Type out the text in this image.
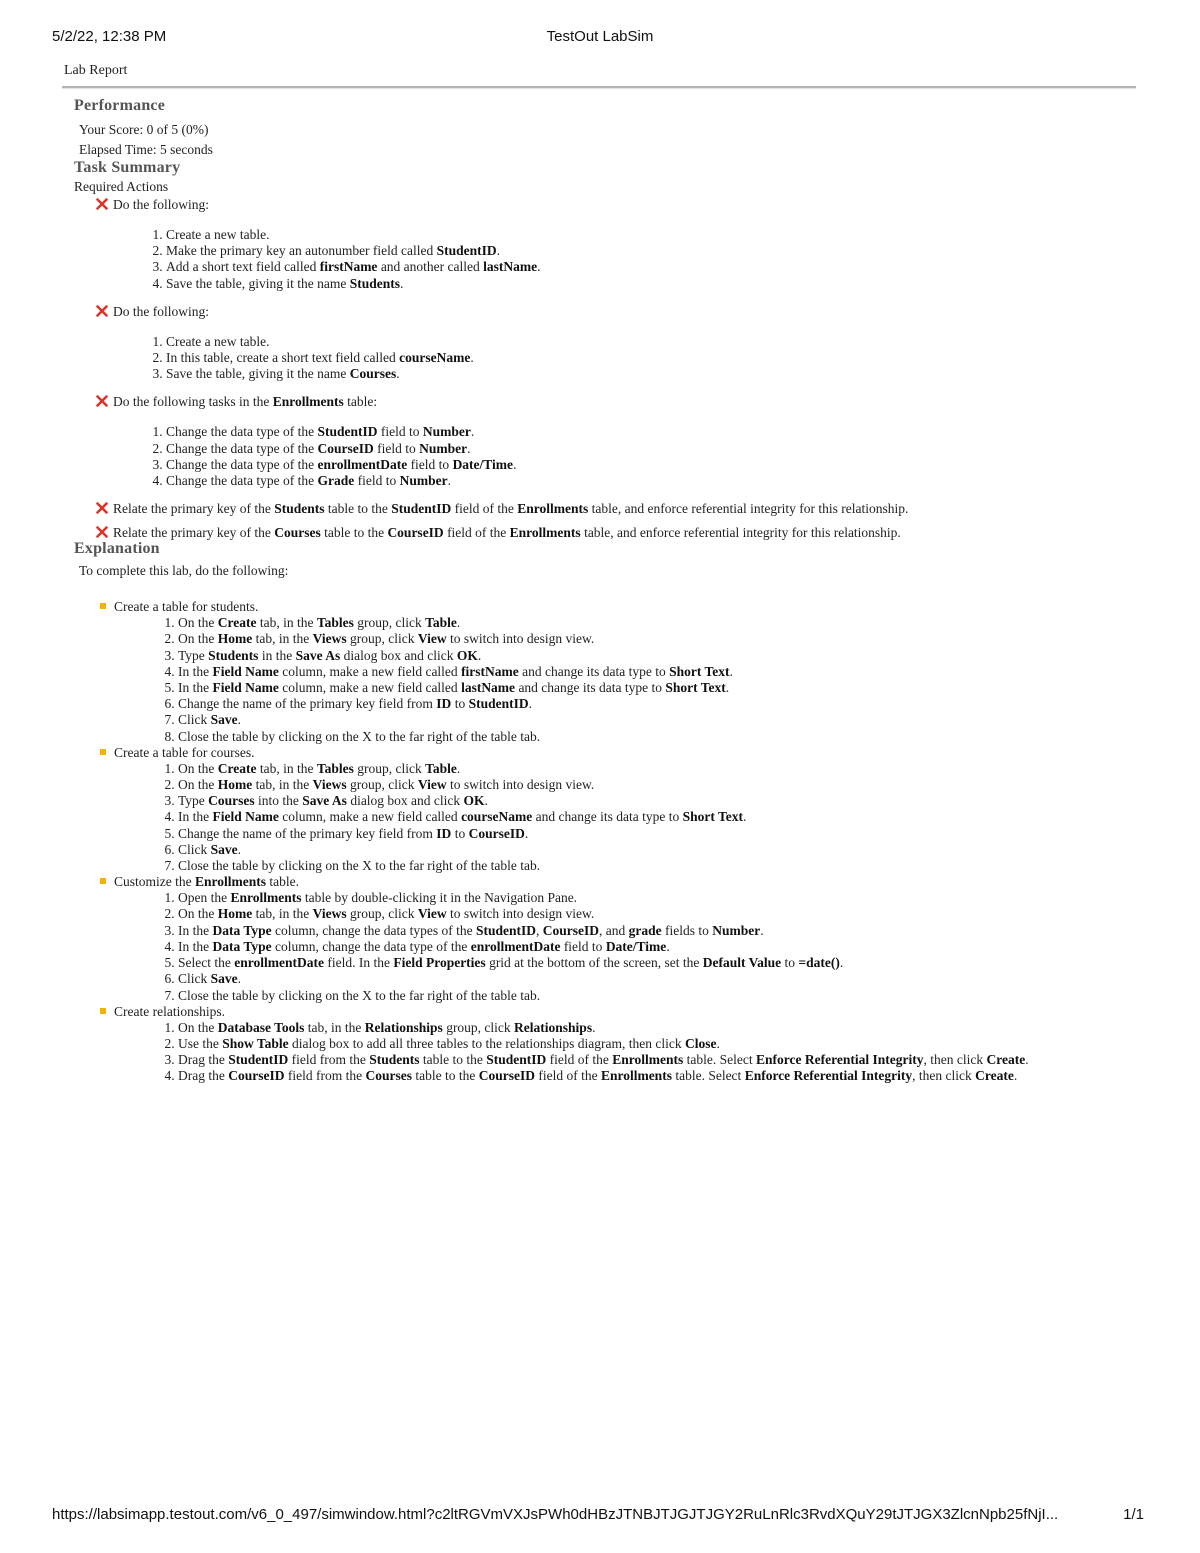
5/2/22, 12:38 PM	TestOut LabSim
Lab Report
Performance
Your Score: 0 of 5 (0%)
Elapsed Time: 5 seconds
Task Summary
Required Actions
Do the following:
1. Create a new table.
2. Make the primary key an autonumber field called StudentID.
3. Add a short text field called firstName and another called lastName.
4. Save the table, giving it the name Students.
Do the following:
1. Create a new table.
2. In this table, create a short text field called courseName.
3. Save the table, giving it the name Courses.
Do the following tasks in the Enrollments table:
1. Change the data type of the StudentID field to Number.
2. Change the data type of the CourseID field to Number.
3. Change the data type of the enrollmentDate field to Date/Time.
4. Change the data type of the Grade field to Number.
Relate the primary key of the Students table to the StudentID field of the Enrollments table, and enforce referential integrity for this relationship.
Relate the primary key of the Courses table to the CourseID field of the Enrollments table, and enforce referential integrity for this relationship.
Explanation
To complete this lab, do the following:
Create a table for students.
1. On the Create tab, in the Tables group, click Table.
2. On the Home tab, in the Views group, click View to switch into design view.
3. Type Students in the Save As dialog box and click OK.
4. In the Field Name column, make a new field called firstName and change its data type to Short Text.
5. In the Field Name column, make a new field called lastName and change its data type to Short Text.
6. Change the name of the primary key field from ID to StudentID.
7. Click Save.
8. Close the table by clicking on the X to the far right of the table tab.
Create a table for courses.
1. On the Create tab, in the Tables group, click Table.
2. On the Home tab, in the Views group, click View to switch into design view.
3. Type Courses into the Save As dialog box and click OK.
4. In the Field Name column, make a new field called courseName and change its data type to Short Text.
5. Change the name of the primary key field from ID to CourseID.
6. Click Save.
7. Close the table by clicking on the X to the far right of the table tab.
Customize the Enrollments table.
1. Open the Enrollments table by double-clicking it in the Navigation Pane.
2. On the Home tab, in the Views group, click View to switch into design view.
3. In the Data Type column, change the data types of the StudentID, CourseID, and grade fields to Number.
4. In the Data Type column, change the data type of the enrollmentDate field to Date/Time.
5. Select the enrollmentDate field. In the Field Properties grid at the bottom of the screen, set the Default Value to =date().
6. Click Save.
7. Close the table by clicking on the X to the far right of the table tab.
Create relationships.
1. On the Database Tools tab, in the Relationships group, click Relationships.
2. Use the Show Table dialog box to add all three tables to the relationships diagram, then click Close.
3. Drag the StudentID field from the Students table to the StudentID field of the Enrollments table. Select Enforce Referential Integrity, then click Create.
4. Drag the CourseID field from the Courses table to the CourseID field of the Enrollments table. Select Enforce Referential Integrity, then click Create.
https://labsimapp.testout.com/v6_0_497/simwindow.html?c2ltRGVmVXJsPWh0dHBzJTNBJTJGJTJGY2RuLnRlc3RvdXQuY29tJTJGX3ZlcnNpb25fNjI...	1/1
